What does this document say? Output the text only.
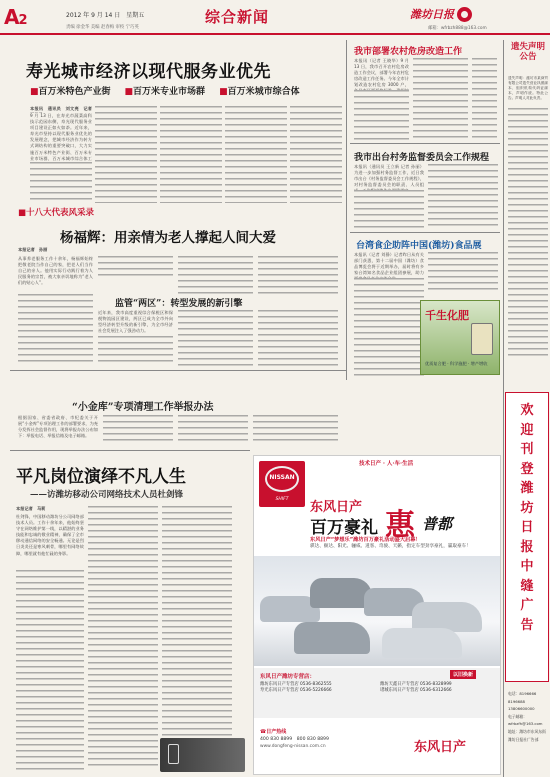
A2	2012 年 9 月 14 日　 星期五
责编 徐金华 美编 赵春梅 审校 宁巧英
综合新闻	潍坊日报
邮箱：wfrbzh888@163.com
寿光城市经济以现代服务业优先
■百万米特色产业街 ■百万米专业市场群 ■百万米城市综合体
本报讯　通讯员　刘文亮　记者　
9 月 13 日，在寿光市蔬菜高科技示范园东侧，寿光现代服务业项目建设正如火如荼。近年来，寿光市坚持以现代服务业优先的发展理念，把城市经济作为转方式调结构的重要突破口，大力实施百万米特色产业街、百万米专业市场群、百万米城市综合体工
我市部署农村危房改造工作
本报讯（记者 王晓华）9 月 13 日，我市召开农村危房改造工作会议，部署今年农村危房改造工作任务。今年全市计划改造农村危房 3000 户，
我市出台村务监督委员会工作规程
本报讯（通讯员 王立新 记者 孙丽）为进一步加强村务监督工作，近日我市出台《村务监督委员会工作规程》，对村务监督委员会的职责、人员组
台湾食企助阵中国(潍坊)食品展
本报讯（记者 刘静）记者昨日从有关部门获悉，第十二届中国（潍坊）食品博览会将于近期举办，届时将有多家台湾知名食品企业组团参展，助力
千生化肥
优质复合肥 · 科学施肥 · 增产增收
遗失声明公告
遗失声明：潍坊市某商贸有限公司遗失营业执照副本、组织机构代码证副本，声明作废。特此公告。声明人对此负责。
欢迎刊登潍坊日报中缝广告
电话：8196666
8196688
13806600000
电子邮箱：
wfrbzfh@163.com
地址：潍坊市东风东街
潍坊日报社广告部
■十八大代表风采录
杨福辉：用亲情为老人撑起人间大爱
本报记者　孙丽
从事养老服务工作十余年，杨福辉始终把敬老院当作自己的家，把老人们当作自己的亲人。他用实际行动践行着为人民服务的宗旨，被大家亲切地称为“老人们的贴心人”。
监管“两区”：转型发展的新引擎
近年来，我市高度重视综合保税区和保税物流园区建设，两区已成为全市外向型经济转型升级的新引擎，为全市经济社会发展注入了强劲动力。
“小金库”专项清理工作举报办法
根据国家、省委省政府、市纪委关于开展“小金库”专项治理工作的部署要求，为充分发挥社会监督作用，现将举报办法公布如下：举报电话、举报信箱及电子邮箱。
平凡岗位演绎不凡人生
——访潍坊移动公司网络技术人员杜剑锋
本报记者　马莉
杜剑锋，中国移动潍坊分公司网络部技术人员。工作十余年来，他始终坚守在网络维护第一线，以精湛的业务技能和忠诚的敬业精神，确保了全市移动通信网络的安全畅通。无论是烈日炎炎还是寒风刺骨，哪里有网络故障，哪里就有他忙碌的身影。
技术日产 · 人·车·生活
NISSAN
SHIFT
东风日产
百万豪礼 惠 普都
东风日产“梦想乐”潍坊百万豪礼活动盛大启幕！
骐达、颐达、阳光、骊威、逍客、奇骏、天籁，指定车型劲享豪礼，赢取豪车！
东风日产潍坊专营店：
潍坊东风日产专营店 0536-8362555	潍坊天鑫日产专营店 0536-8328999
寿光东风日产专营店 0536-5226666	诸城东风日产专营店 0536-6312666
以旧换新
☎日产热线
400 830 8899　800 830 8899
www.dongfeng-nissan.com.cn	东风日产
